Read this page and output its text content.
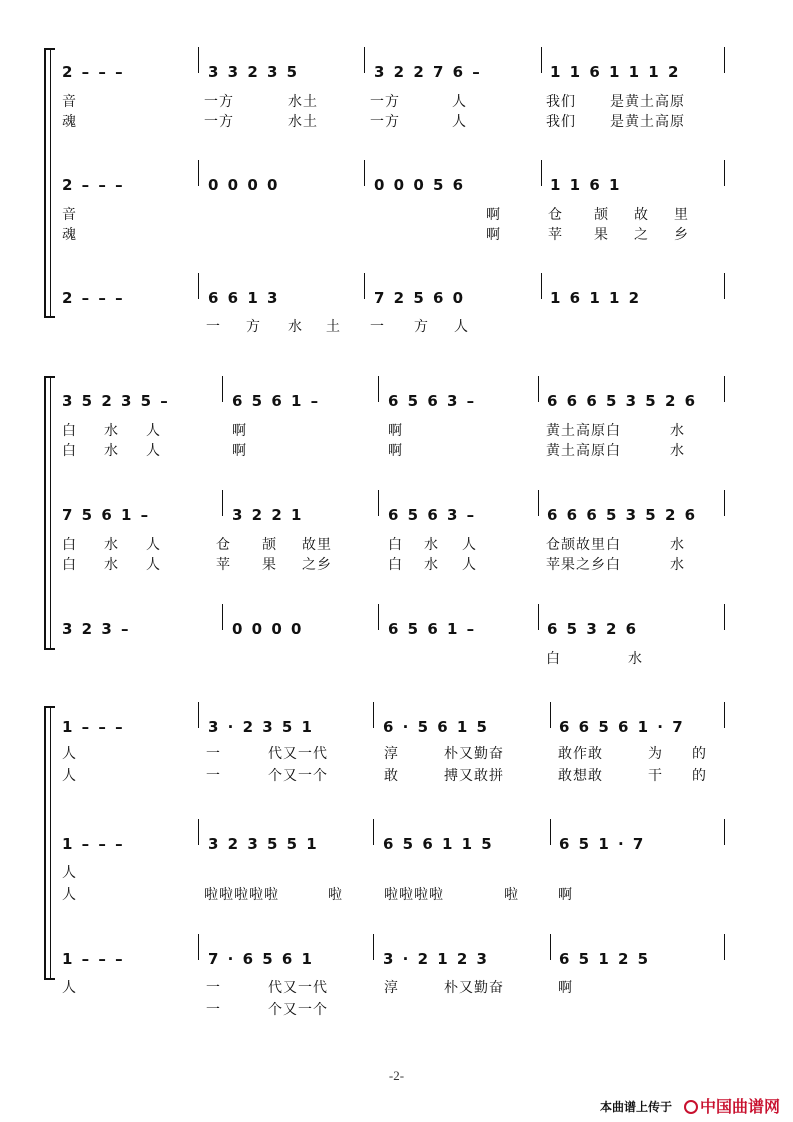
2 – – –	3 3 2 3 5	3 2 2 7 6 –	1 1 6 1 1 1 2
音	一方	水土	一方	人	我们 是黄土高原
魂	一方	水土	一方	人	我们 是黄土高原
2 – – –	0 0 0 0	0 0 0 5 6	1 1 6 1
音	啊	仓 颉 故 里
魂	啊	苹 果 之 乡
2 – – –	6 6 1 3	7 2 5 6 0	1 6 1 1 2
一 方 水 土 一 方 人
3 5 2 3 5 –	6 5 6 1 –	6 5 6 3 –	6 6 6 5 3 5 2 6
白 水 人	啊	啊	黄土高原白	水
白 水 人	啊	啊	黄土高原白	水
7 5 6 1 –	3 2 2 1	6 5 6 3 –	6 6 6 5 3 5 2 6
白 水 人	仓 颉 故里	白 水 人	仓颉故里白	水
白 水 人	苹 果 之乡	白 水 人	苹果之乡白	水
3 2 3 –	0 0 0 0	6 5 6 1 –	6 5 3 2 6
白	水
1 – – –	3 · 2 3 5 1	6 · 5 6 1 5	6 6 5 6 1 · 7
人	一	代又一代	淳	朴又勤奋	敢作敢	为 的
人	一	个又一个	敢	搏又敢拼	敢想敢	干 的
1 – – –	3 2 3 5 5 1	6 5 6 1 1 5	6 5 1 · 7
人
人	啦啦啦啦啦	啦	啦啦啦啦	啦	啊
1 – – –	7 · 6 5 6 1	3 · 2 1 2 3	6 5 1 2 5
人	一	代又一代	淳	朴又勤奋	啊
一	个又一个
-2-
本曲谱上传于	中国曲谱网
